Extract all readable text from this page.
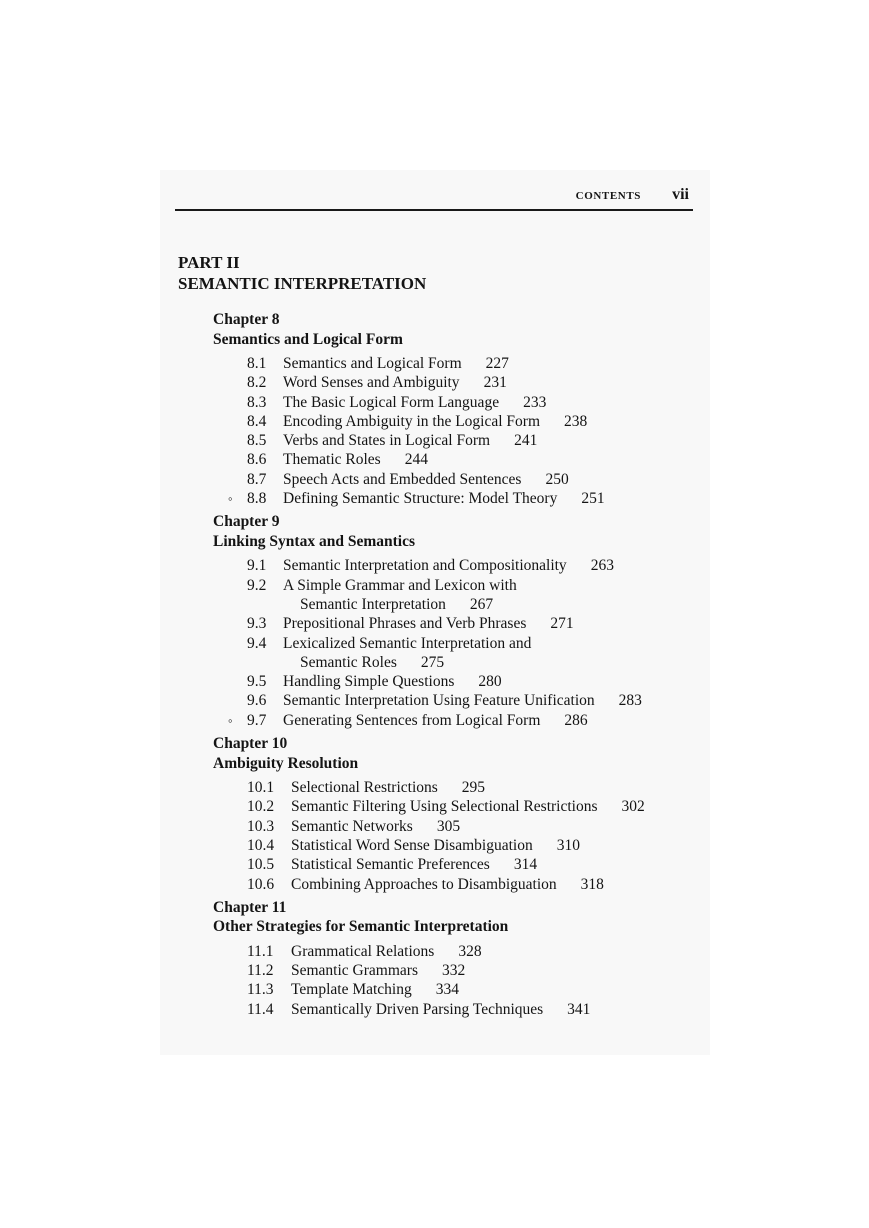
CONTENTS vii
PART II
SEMANTIC INTERPRETATION
Chapter 8
Semantics and Logical Form
8.1 Semantics and Logical Form 227
8.2 Word Senses and Ambiguity 231
8.3 The Basic Logical Form Language 233
8.4 Encoding Ambiguity in the Logical Form 238
8.5 Verbs and States in Logical Form 241
8.6 Thematic Roles 244
8.7 Speech Acts and Embedded Sentences 250
◦ 8.8 Defining Semantic Structure: Model Theory 251
Chapter 9
Linking Syntax and Semantics
9.1 Semantic Interpretation and Compositionality 263
9.2 A Simple Grammar and Lexicon with
Semantic Interpretation 267
9.3 Prepositional Phrases and Verb Phrases 271
9.4 Lexicalized Semantic Interpretation and
Semantic Roles 275
9.5 Handling Simple Questions 280
9.6 Semantic Interpretation Using Feature Unification 283
◦ 9.7 Generating Sentences from Logical Form 286
Chapter 10
Ambiguity Resolution
10.1 Selectional Restrictions 295
10.2 Semantic Filtering Using Selectional Restrictions 302
10.3 Semantic Networks 305
10.4 Statistical Word Sense Disambiguation 310
10.5 Statistical Semantic Preferences 314
10.6 Combining Approaches to Disambiguation 318
Chapter 11
Other Strategies for Semantic Interpretation
11.1 Grammatical Relations 328
11.2 Semantic Grammars 332
11.3 Template Matching 334
11.4 Semantically Driven Parsing Techniques 341
